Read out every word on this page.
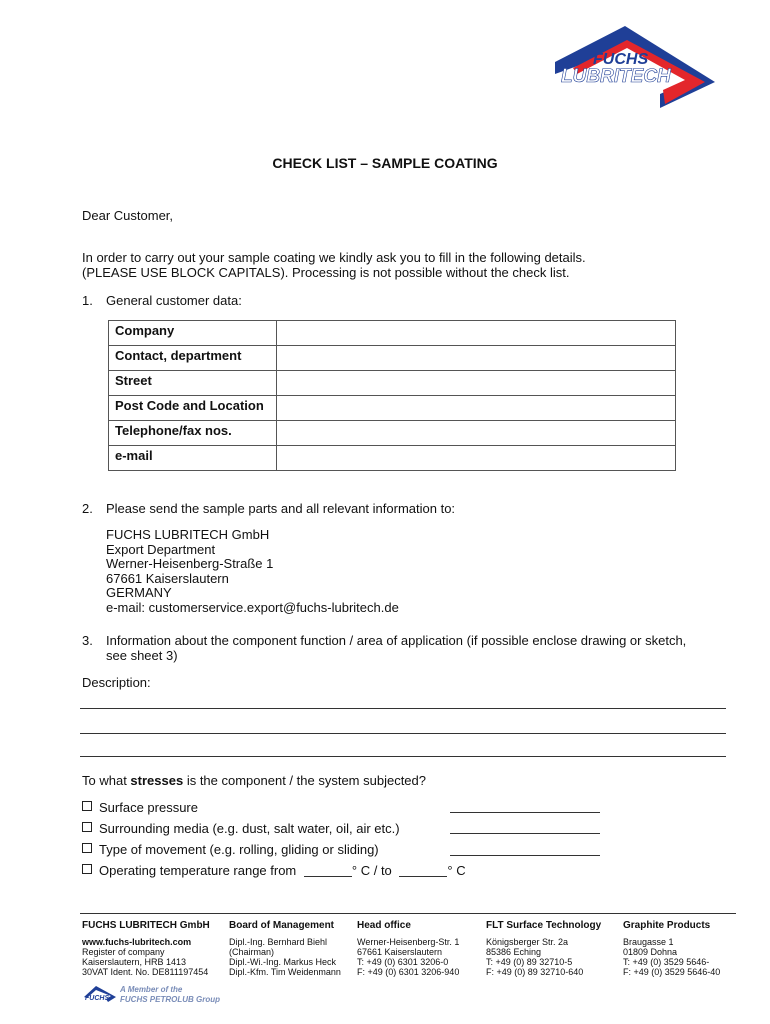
FUCHS
LUBRITECH
CHECK LIST – SAMPLE COATING
Dear Customer,
In order to carry out your sample coating we kindly ask you to fill in the following details.
(PLEASE USE BLOCK CAPITALS). Processing is not possible without the check list.
1. General customer data:
Company	
Contact, department	
Street	
Post Code and Location	
Telephone/fax nos.	
e-mail	
2. Please send the sample parts and all relevant information to:
FUCHS LUBRITECH GmbH
Export Department
Werner-Heisenberg-Straße 1
67661 Kaiserslautern
GERMANY
e-mail: customerservice.export@fuchs-lubritech.de
3. Information about the component function / area of application (if possible enclose drawing or sketch, see sheet 3)
Description:
To what stresses is the component / the system subjected?
Surface pressure
Surrounding media (e.g. dust, salt water, oil, air etc.)
Type of movement (e.g. rolling, gliding or sliding)
Operating temperature range from	° C / to	° C
FUCHS LUBRITECH GmbH
www.fuchs-lubritech.com
Register of company
Kaiserslautern, HRB 1413
30VAT Ident. No. DE811197454
Board of Management
Dipl.-Ing. Bernhard Biehl
(Chairman)
Dipl.-Wi.-Ing. Markus Heck
Dipl.-Kfm. Tim Weidenmann
Head office
Werner-Heisenberg-Str. 1
67661 Kaiserslautern
T: +49 (0) 6301 3206-0
F: +49 (0) 6301 3206-940
FLT Surface Technology
Königsberger Str. 2a
85386 Eching
T: +49 (0) 89 32710-5
F: +49 (0) 89 32710-640
Graphite Products
Braugasse 1
01809 Dohna
T: +49 (0) 3529 5646-
F: +49 (0) 3529 5646-40
FUCHS
A Member of the
FUCHS PETROLUB Group
